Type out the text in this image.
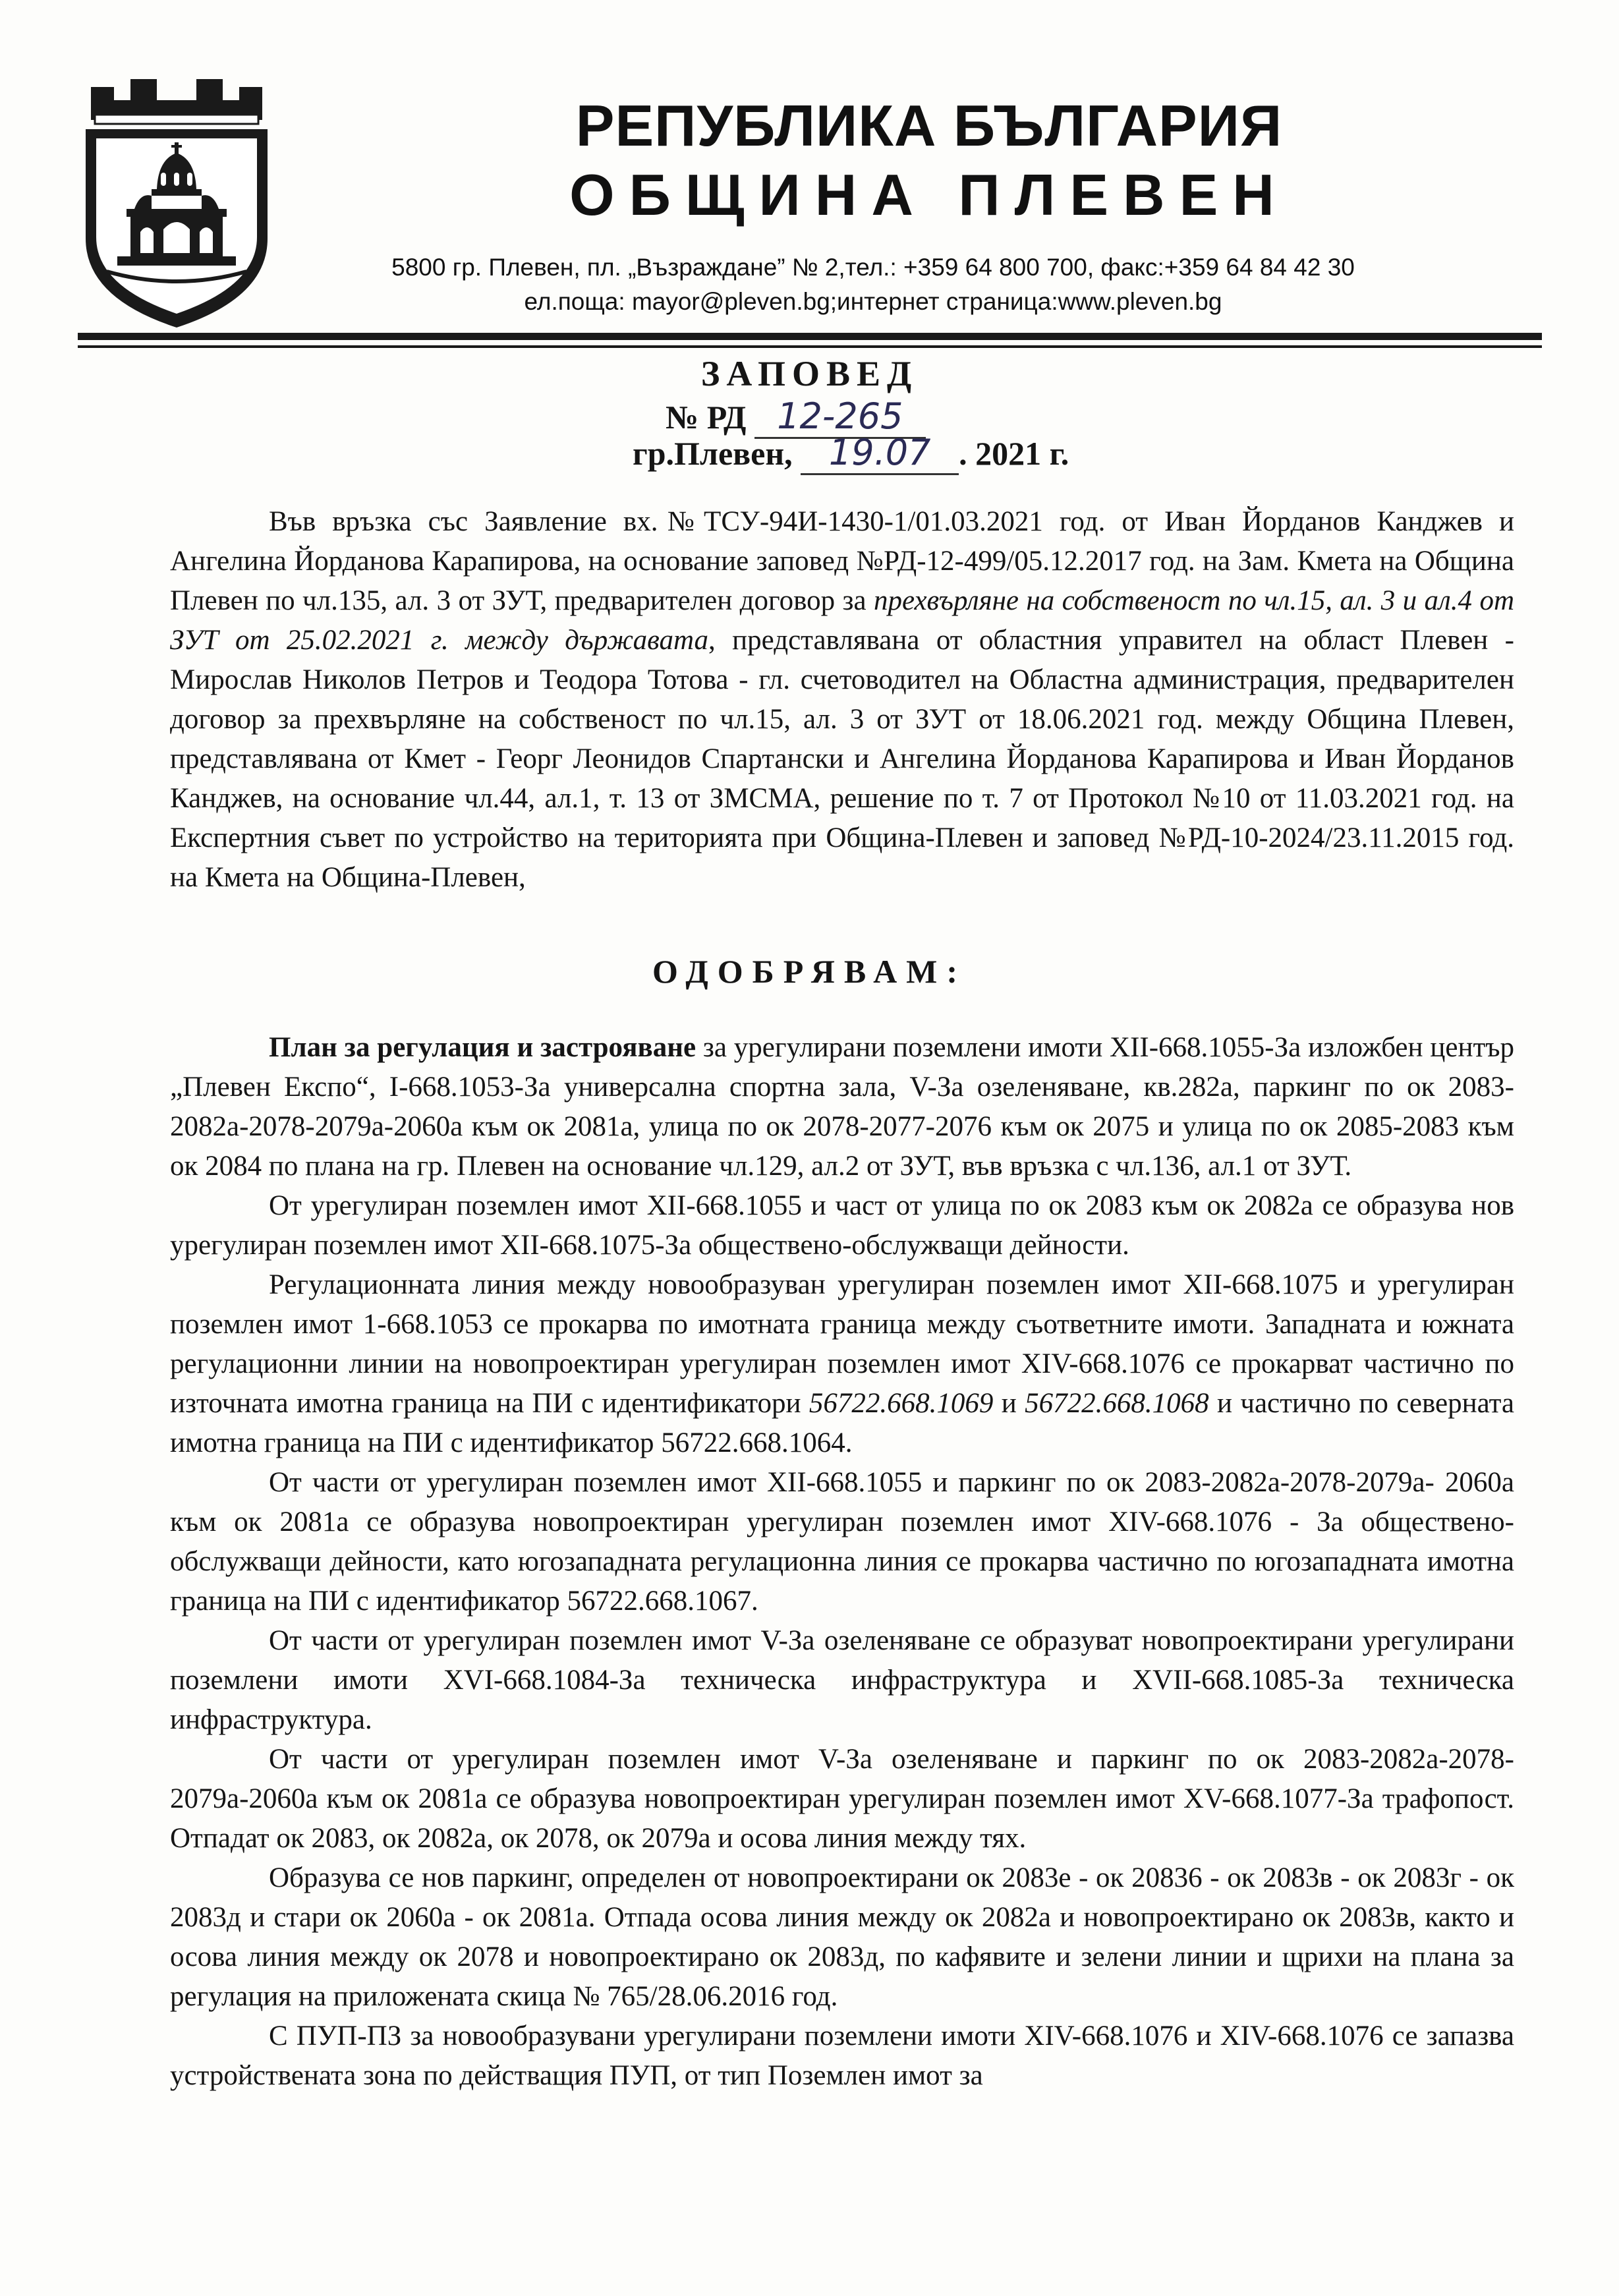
РЕПУБЛИКА БЪЛГАРИЯ
ОБЩИНА ПЛЕВЕН
5800 гр. Плевен, пл. „Възраждане” № 2,тел.: +359 64 800 700, факс:+359 64 84 42 30
ел.поща: mayor@pleven.bg;интернет страница:www.pleven.bg
ЗАПОВЕД
№ РД 12-265
гр.Плевен, 19.07 . 2021 г.

Във връзка със Заявление вх.№ТСУ-94И-1430-1/01.03.2021 год. от Иван Йорданов Канджев и Ангелина Йорданова Карапирова, на основание заповед №РД-12-499/05.12.2017 год. на Зам. Кмета на Община Плевен по чл.135, ал. 3 от ЗУТ, предварителен договор за прехвърляне на собственост по чл.15, ал. 3 и ал.4 от ЗУТ от 25.02.2021 г. между държавата, представлявана от областния управител на област Плевен - Мирослав Николов Петров и Теодора Тотова - гл. счетоводител на Областна администрация, предварителен договор за прехвърляне на собственост по чл.15, ал. 3 от ЗУТ от 18.06.2021 год. между Община Плевен, представлявана от Кмет - Георг Леонидов Спартански и Ангелина Йорданова Карапирова и Иван Йорданов Канджев, на основание чл.44, ал.1, т. 13 от ЗМСМА, решение по т. 7 от Протокол №10 от 11.03.2021 год. на Експертния съвет по устройство на територията при Община-Плевен и заповед №РД-10-2024/23.11.2015 год. на Кмета на Община-Плевен,

ОДОБРЯВАМ:

План за регулация и застрояване за урегулирани поземлени имоти XII-668.1055-За изложбен център „Плевен Експо“, I-668.1053-За универсална спортна зала, V-За озеленяване, кв.282а, паркинг по ок 2083-2082а-2078-2079а-2060а към ок 2081а, улица по ок 2078-2077-2076 към ок 2075 и улица по ок 2085-2083 към ок 2084 по плана на гр. Плевен на основание чл.129, ал.2 от ЗУТ, във връзка с чл.136, ал.1 от ЗУТ.

От урегулиран поземлен имот XII-668.1055 и част от улица по ок 2083 към ок 2082а се образува нов урегулиран поземлен имот XII-668.1075-За обществено-обслужващи дейности.

Регулационната линия между новообразуван урегулиран поземлен имот XII-668.1075 и урегулиран поземлен имот 1-668.1053 се прокарва по имотната граница между съответните имоти. Западната и южната регулационни линии на новопроектиран урегулиран поземлен имот XIV-668.1076 се прокарват частично по източната имотна граница на ПИ с идентификатори 56722.668.1069 и 56722.668.1068 и частично по северната имотна граница на ПИ с идентификатор 56722.668.1064.

От части от урегулиран поземлен имот XII-668.1055 и паркинг по ок 2083-2082а-2078-2079а- 2060а към ок 2081а се образува новопроектиран урегулиран поземлен имот XIV-668.1076 - За обществено-обслужващи дейности, като югозападната регулационна линия се прокарва частично по югозападната имотна граница на ПИ с идентификатор 56722.668.1067.

От части от урегулиран поземлен имот V-За озеленяване се образуват новопроектирани урегулирани поземлени имоти XVI-668.1084-За техническа инфраструктура и XVII-668.1085-За техническа инфраструктура.

От части от урегулиран поземлен имот V-За озеленяване и паркинг по ок 2083-2082а-2078-2079а-2060а към ок 2081а се образува новопроектиран урегулиран поземлен имот XV-668.1077-За трафопост. Отпадат ок 2083, ок 2082а, ок 2078, ок 2079а и осова линия между тях.

Образува се нов паркинг, определен от новопроектирани ок 2083е - ок 20836 - ок 2083в - ок 2083г - ок 2083д и стари ок 2060а - ок 2081а. Отпада осова линия между ок 2082а и новопроектирано ок 2083в, както и осова линия между ок 2078 и новопроектирано ок 2083д, по кафявите и зелени линии и щрихи на плана за регулация на приложената скица № 765/28.06.2016 год.

С ПУП-ПЗ за новообразувани урегулирани поземлени имоти XIV-668.1076 и XIV-668.1076 се запазва устройствената зона по действащия ПУП, от тип Поземлен имот за
